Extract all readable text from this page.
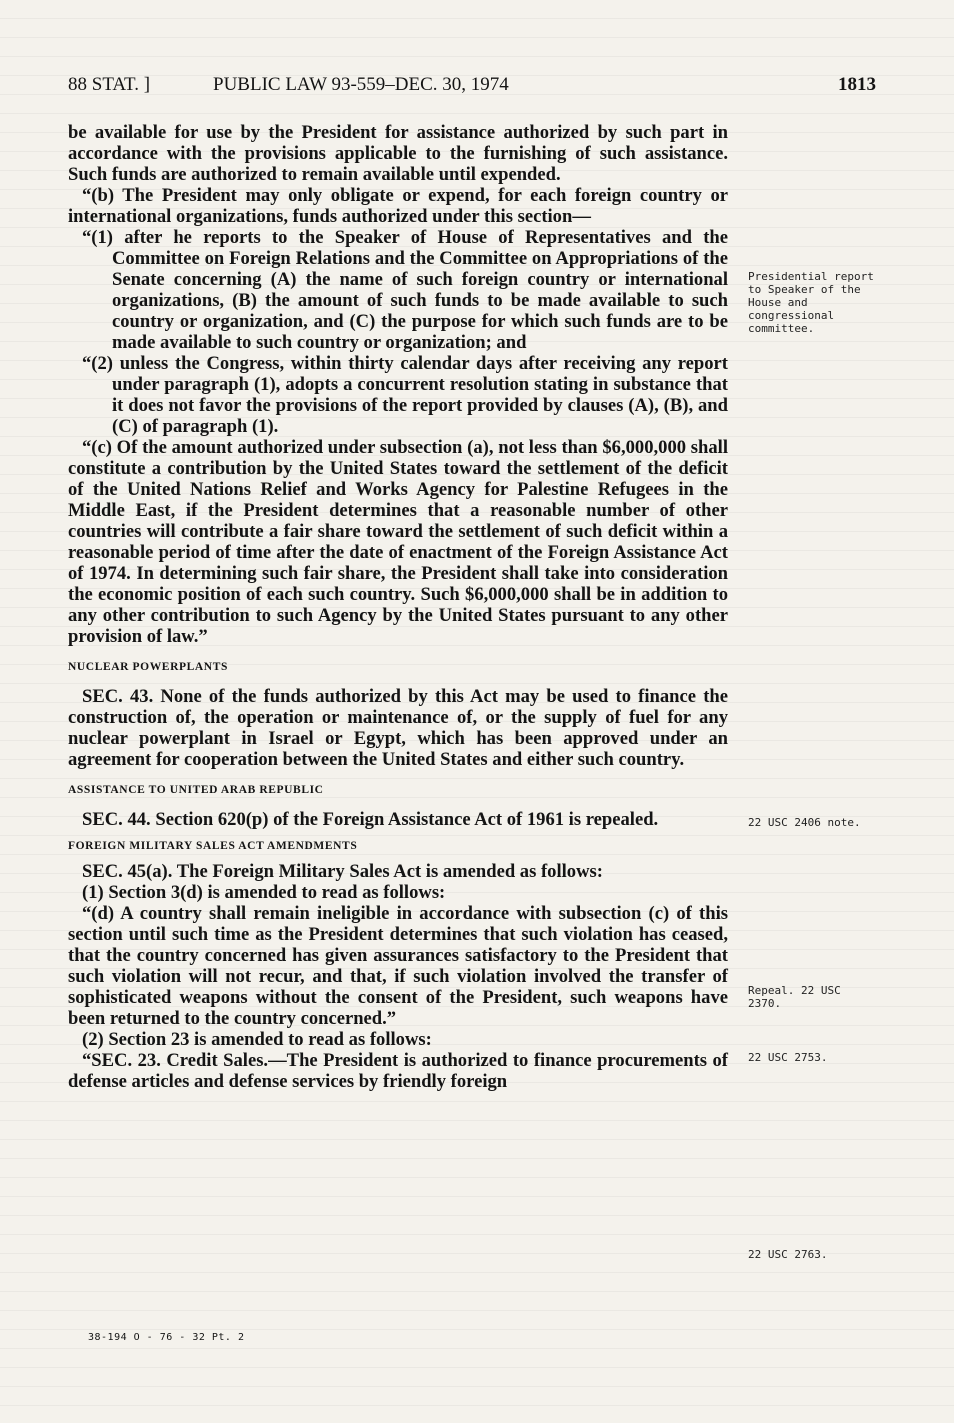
88 STAT. ]	PUBLIC LAW 93-559–DEC. 30, 1974	1813

be available for use by the President for assistance authorized by such part in accordance with the provisions applicable to the furnishing of such assistance. Such funds are authorized to remain available until expended.

“(b) The President may only obligate or expend, for each foreign country or international organizations, funds authorized under this section—

“(1) after he reports to the Speaker of House of Representatives and the Committee on Foreign Relations and the Committee on Appropriations of the Senate concerning (A) the name of such foreign country or international organizations, (B) the amount of such funds to be made available to such country or organization, and (C) the purpose for which such funds are to be made available to such country or organization; and

“(2) unless the Congress, within thirty calendar days after receiving any report under paragraph (1), adopts a concurrent resolution stating in substance that it does not favor the provisions of the report provided by clauses (A), (B), and (C) of paragraph (1).

“(c) Of the amount authorized under subsection (a), not less than $6,000,000 shall constitute a contribution by the United States toward the settlement of the deficit of the United Nations Relief and Works Agency for Palestine Refugees in the Middle East, if the President determines that a reasonable number of other countries will contribute a fair share toward the settlement of such deficit within a reasonable period of time after the date of enactment of the Foreign Assistance Act of 1974. In determining such fair share, the President shall take into consideration the economic position of each such country. Such $6,000,000 shall be in addition to any other contribution to such Agency by the United States pursuant to any other provision of law.”

NUCLEAR POWERPLANTS

SEC. 43. None of the funds authorized by this Act may be used to finance the construction of, the operation or maintenance of, or the supply of fuel for any nuclear powerplant in Israel or Egypt, which has been approved under an agreement for cooperation between the United States and either such country.

ASSISTANCE TO UNITED ARAB REPUBLIC

SEC. 44. Section 620(p) of the Foreign Assistance Act of 1961 is repealed.

FOREIGN MILITARY SALES ACT AMENDMENTS

SEC. 45(a). The Foreign Military Sales Act is amended as follows:

(1) Section 3(d) is amended to read as follows:

“(d) A country shall remain ineligible in accordance with subsection (c) of this section until such time as the President determines that such violation has ceased, that the country concerned has given assurances satisfactory to the President that such violation will not recur, and that, if such violation involved the transfer of sophisticated weapons without the consent of the President, such weapons have been returned to the country concerned.”

(2) Section 23 is amended to read as follows:

“SEC. 23. Credit Sales.—The President is authorized to finance procurements of defense articles and defense services by friendly foreign

Presidential report to Speaker of the House and congressional committee.
22 USC 2406 note.
Repeal. 22 USC 2370.
22 USC 2753.
22 USC 2763.
38-194 O - 76 - 32 Pt. 2
